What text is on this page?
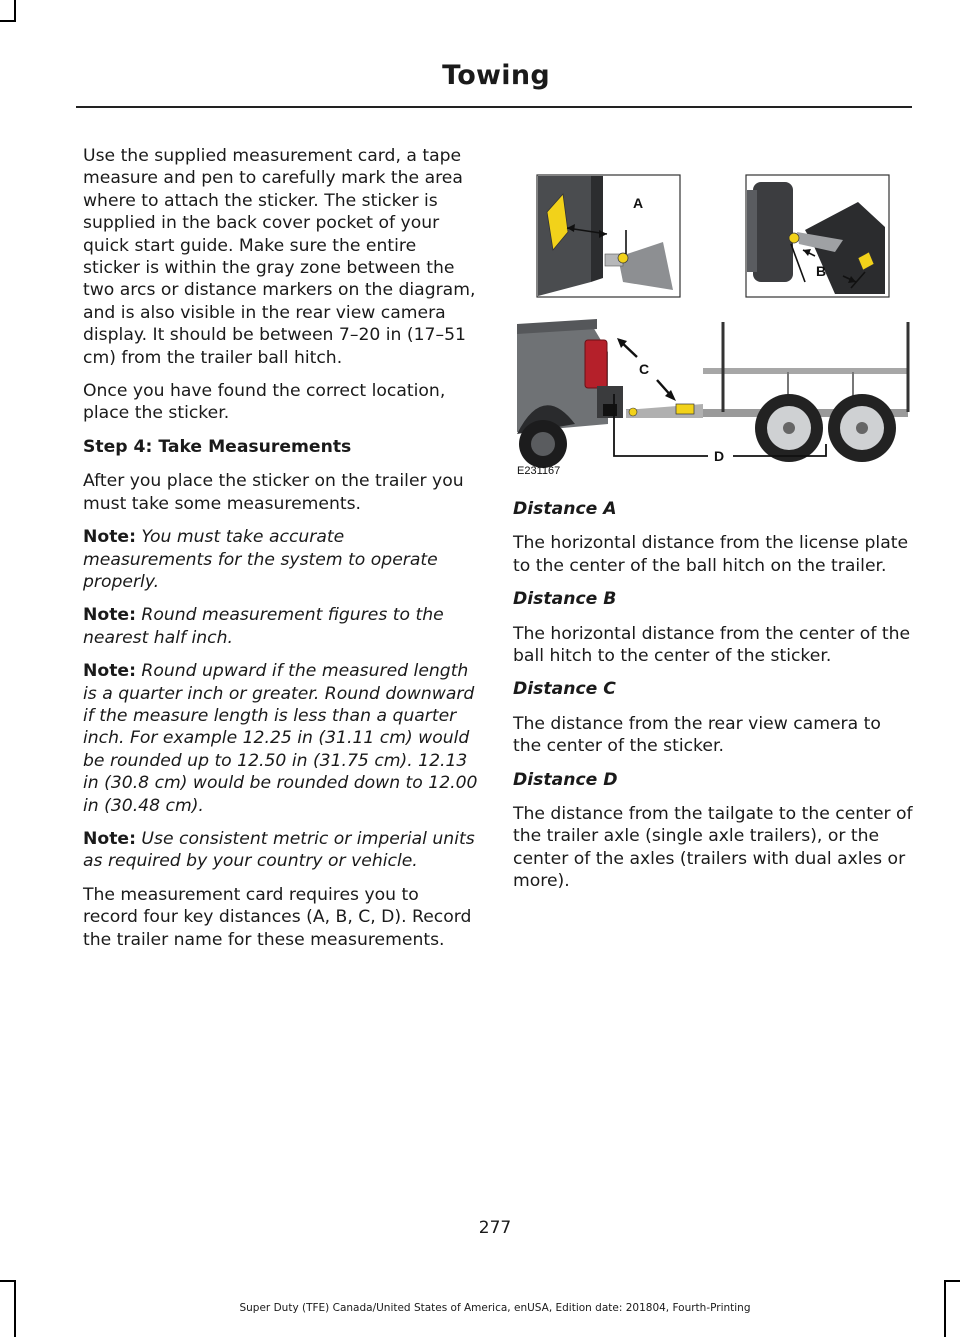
Towing

Use the supplied measurement card, a tape measure and pen to carefully mark the area where to attach the sticker. The sticker is supplied in the back cover pocket of your quick start guide. Make sure the entire sticker is within the gray zone between the two arcs or distance markers on the diagram, and is also visible in the rear view camera display. It should be between 7–20 in (17–51 cm) from the trailer ball hitch.

Once you have found the correct location, place the sticker.

Step 4: Take Measurements

After you place the sticker on the trailer you must take some measurements.

Note: You must take accurate measurements for the system to operate properly.

Note: Round measurement figures to the nearest half inch.

Note: Round upward if the measured length is a quarter inch or greater. Round downward if the measure length is less than a quarter inch. For example 12.25 in (31.11 cm) would be rounded up to 12.50 in (31.75 cm). 12.13 in (30.8 cm) would be rounded down to 12.00 in (30.48 cm).

Note: Use consistent metric or imperial units as required by your country or vehicle.

The measurement card requires you to record four key distances (A, B, C, D). Record the trailer name for these measurements.

A
B
C
D
E231167

Distance A

The horizontal distance from the license plate to the center of the ball hitch on the trailer.

Distance B

The horizontal distance from the center of the ball hitch to the center of the sticker.

Distance C

The distance from the rear view camera to the center of the sticker.

Distance D

The distance from the tailgate to the center of the trailer axle (single axle trailers), or the center of the axles (trailers with dual axles or more).

277
Super Duty (TFE) Canada/United States of America, enUSA, Edition date: 201804, Fourth-Printing
